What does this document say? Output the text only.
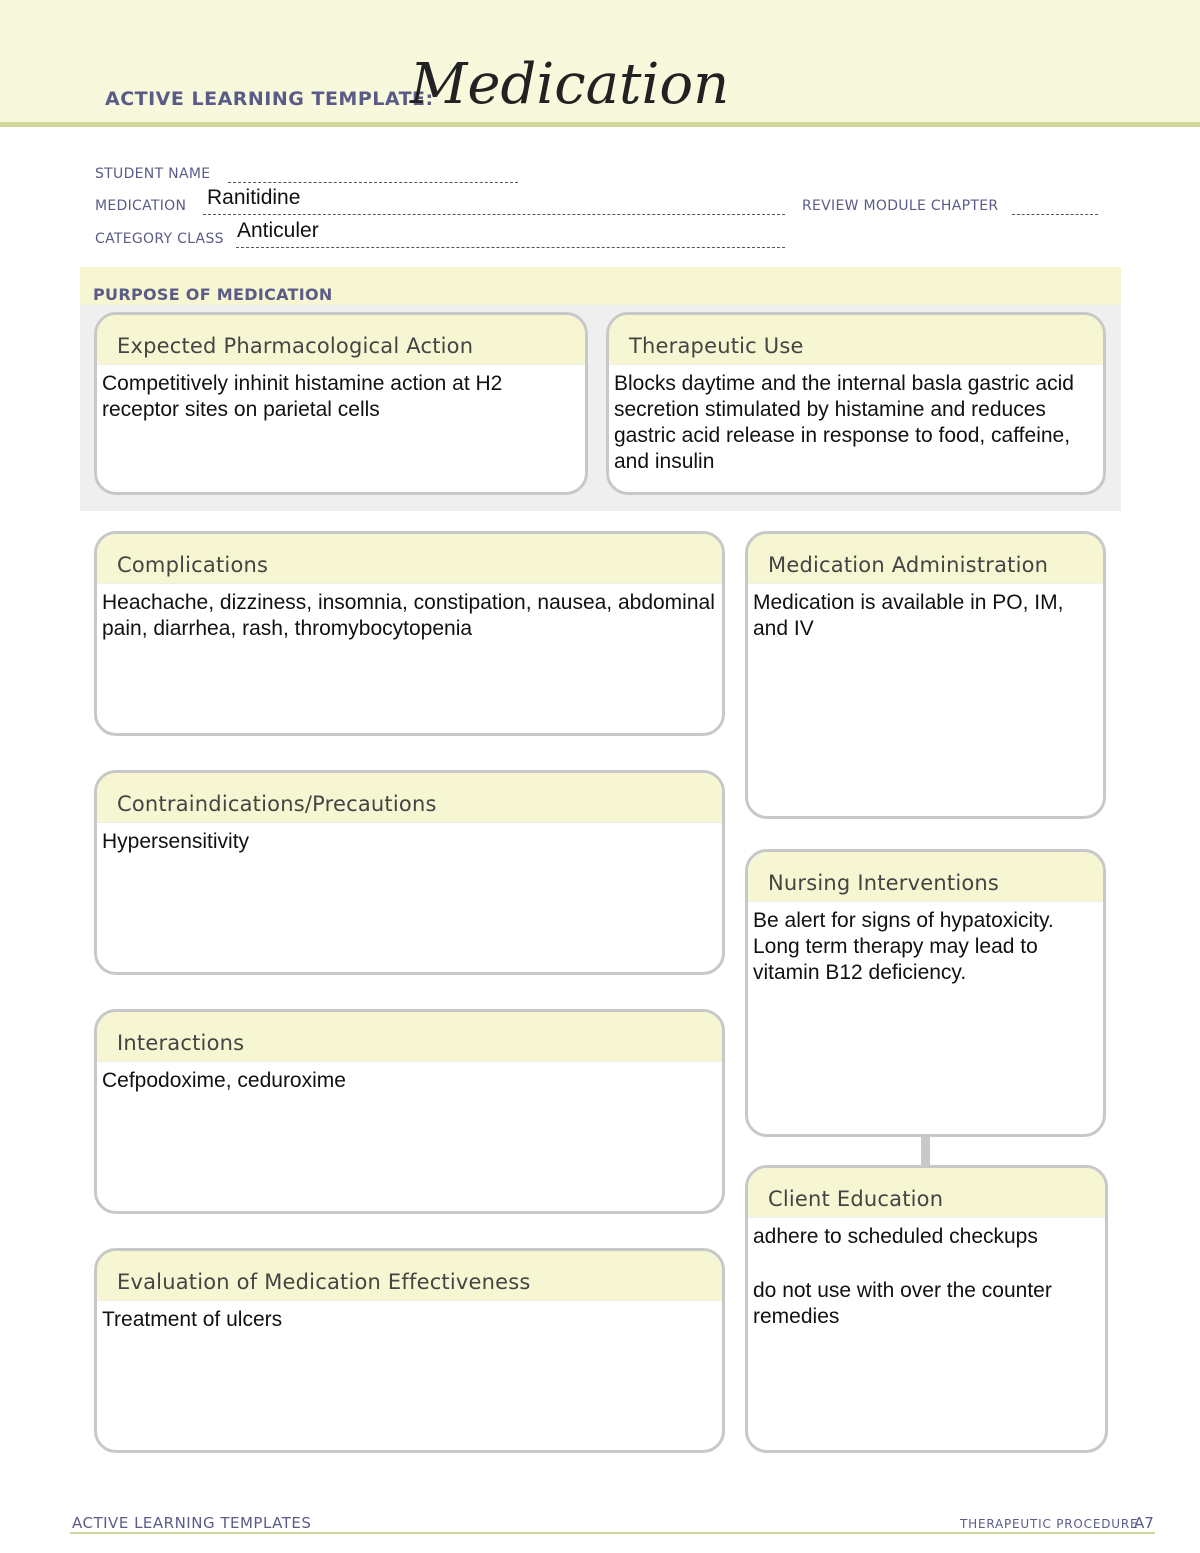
ACTIVE LEARNING TEMPLATE:
Medication
STUDENT NAME
MEDICATION Ranitidine	REVIEW MODULE CHAPTER
CATEGORY CLASS Anticuler
PURPOSE OF MEDICATION
Expected Pharmacological Action
Competitively inhinit histamine action at H2 receptor sites on parietal cells
Therapeutic Use
Blocks daytime and the internal basla gastric acid secretion stimulated by histamine and reduces gastric acid release in response to food, caffeine, and insulin
Complications
Heachache, dizziness, insomnia, constipation, nausea, abdominal pain, diarrhea, rash, thromybocytopenia
Contraindications/Precautions
Hypersensitivity
Interactions
Cefpodoxime, ceduroxime
Evaluation of Medication Effectiveness
Treatment of ulcers
Medication Administration
Medication is available in PO, IM, and IV
Nursing Interventions
Be alert for signs of hypatoxicity. Long term therapy may lead to vitamin B12 deficiency.
Client Education
adhere to scheduled checkups
do not use with over the counter remedies
ACTIVE LEARNING TEMPLATES	THERAPEUTIC PROCEDURE
A7
